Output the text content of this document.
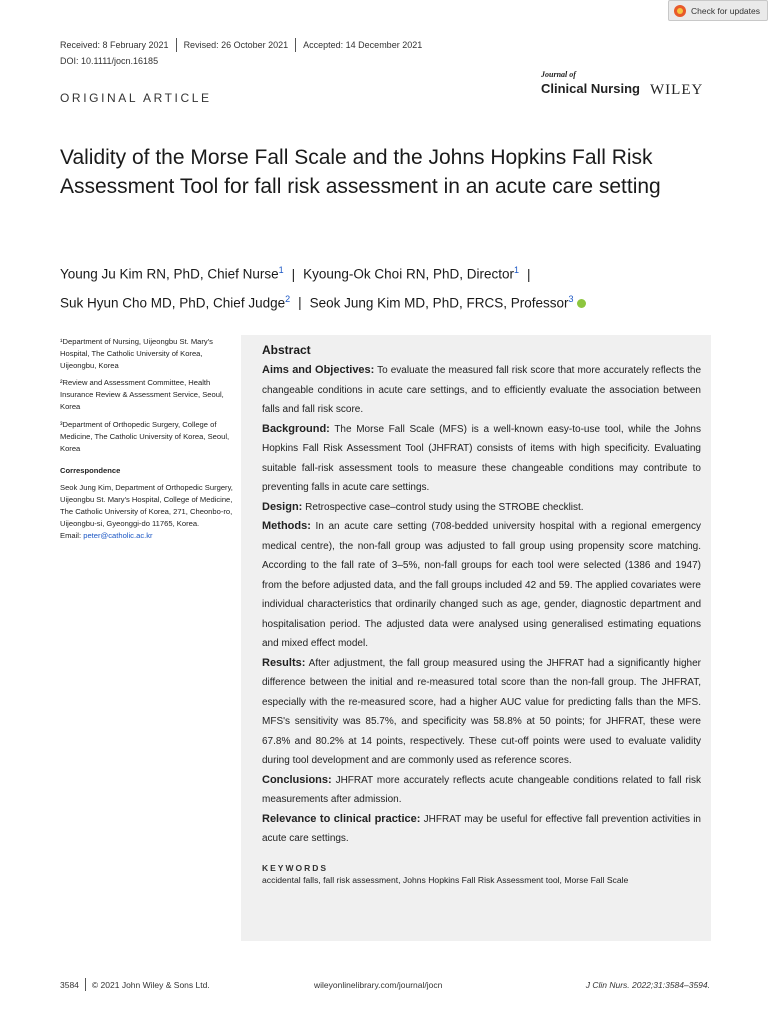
Check for updates
Received: 8 February 2021 Revised: 26 October 2021 Accepted: 14 December 2021
DOI: 10.1111/jocn.16185
ORIGINAL ARTICLE
Journal of
Clinical Nursing WILEY
Validity of the Morse Fall Scale and the Johns Hopkins Fall Risk Assessment Tool for fall risk assessment in an acute care setting
Young Ju Kim RN, PhD, Chief Nurse$^1$ | Kyoung-Ok Choi RN, PhD, Director$^1$ |
Suk Hyun Cho MD, PhD, Chief Judge$^2$ | Seok Jung Kim MD, PhD, FRCS, Professor$^3$

¹Department of Nursing, Uijeongbu St. Mary's Hospital, The Catholic University of Korea, Uijeongbu, Korea

²Review and Assessment Committee, Health Insurance Review & Assessment Service, Seoul, Korea

³Department of Orthopedic Surgery, College of Medicine, The Catholic University of Korea, Seoul, Korea

Correspondence

Seok Jung Kim, Department of Orthopedic Surgery, Uijeongbu St. Mary's Hospital, College of Medicine, The Catholic University of Korea, 271, Cheonbo-ro, Uijeongbu-si, Gyeonggi-do 11765, Korea.
Email: peter@catholic.ac.kr
Abstract

Aims and Objectives: To evaluate the measured fall risk score that more accurately reflects the changeable conditions in acute care settings, and to efficiently evaluate the association between falls and fall risk score.

Background: The Morse Fall Scale (MFS) is a well-known easy-to-use tool, while the Johns Hopkins Fall Risk Assessment Tool (JHFRAT) consists of items with high specificity. Evaluating suitable fall-risk assessment tools to measure these changeable conditions may contribute to preventing falls in acute care settings.

Design: Retrospective case–control study using the STROBE checklist.

Methods: In an acute care setting (708-bedded university hospital with a regional emergency medical centre), the non-fall group was adjusted to fall group using propensity score matching. According to the fall rate of 3–5%, non-fall groups for each tool were selected (1386 and 1947) from the before adjusted data, and the fall groups included 42 and 59. The applied covariates were individual characteristics that ordinarily changed such as age, gender, diagnostic department and hospitalisation period. The adjusted data were analysed using generalised estimating equations and mixed effect model.

Results: After adjustment, the fall group measured using the JHFRAT had a significantly higher difference between the initial and re-measured total score than the non-fall group. The JHFRAT, especially with the re-measured score, had a higher AUC value for predicting falls than the MFS. MFS's sensitivity was 85.7%, and specificity was 58.8% at 50 points; for JHFRAT, these were 67.8% and 80.2% at 14 points, respectively. These cut-off points were used to evaluate validity during tool development and are commonly used as reference scores.

Conclusions: JHFRAT more accurately reflects acute changeable conditions related to fall risk measurements after admission.

Relevance to clinical practice: JHFRAT may be useful for effective fall prevention activities in acute care settings.

KEYWORDS
accidental falls, fall risk assessment, Johns Hopkins Fall Risk Assessment tool, Morse Fall Scale
3584 © 2021 John Wiley & Sons Ltd.	wileyonlinelibrary.com/journal/jocn	J Clin Nurs. 2022;31:3584–3594.
